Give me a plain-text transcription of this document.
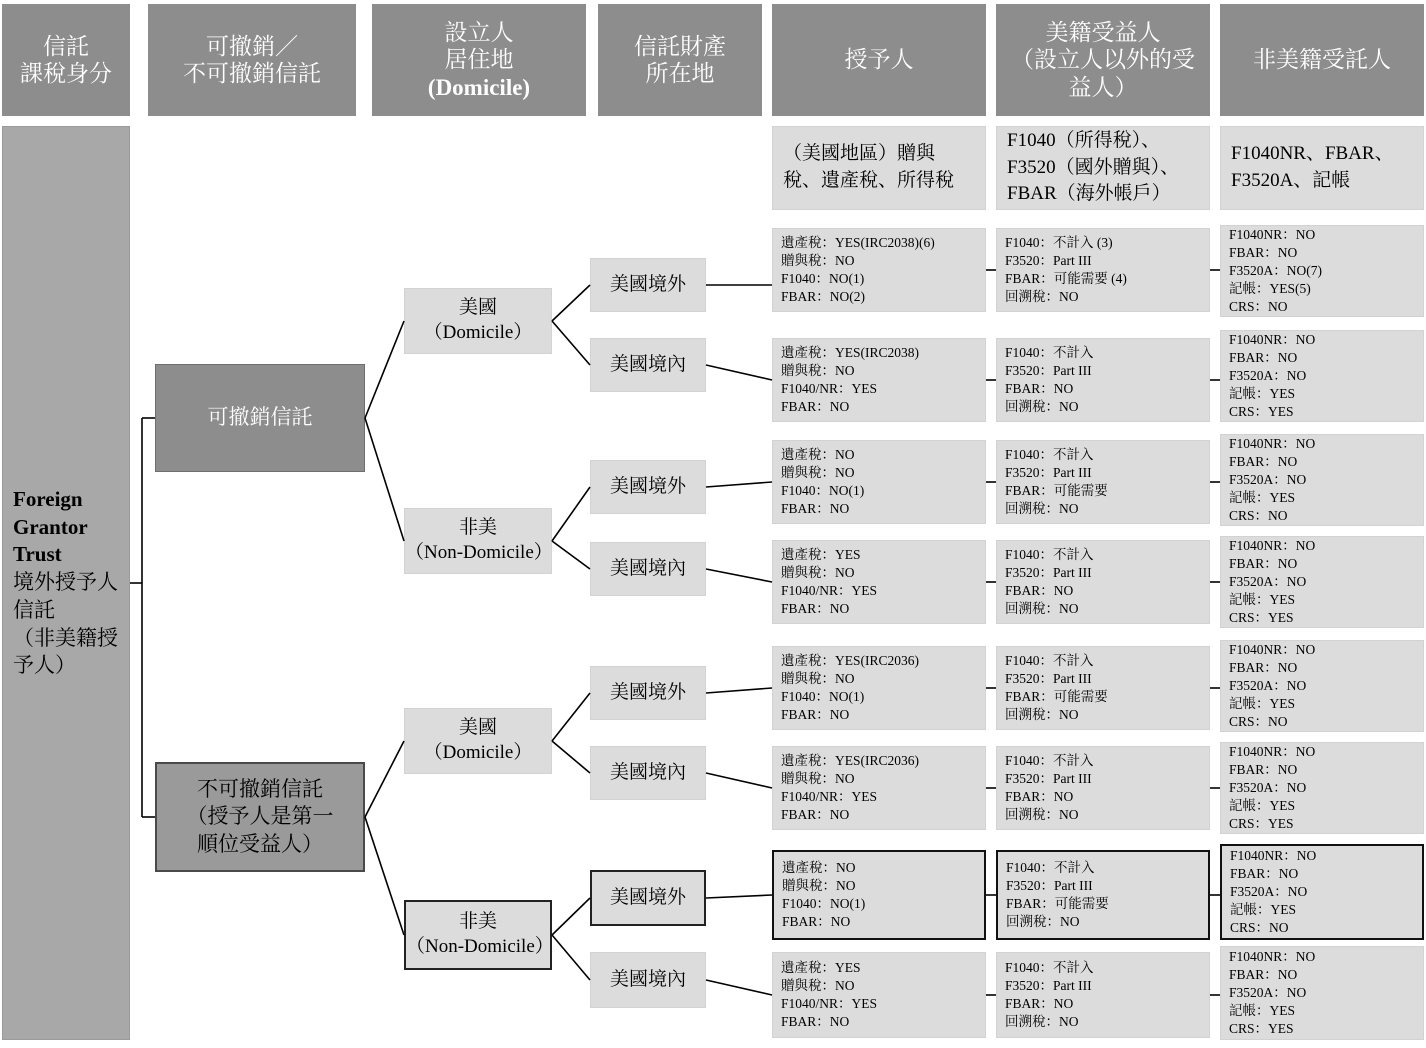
信託
課稅身分
可撤銷／
不可撤銷信託
設立人
居住地
(Domicile)
信託財產
所在地
授予人
美籍受益人
（設立人以外的受
益人）
非美籍受託人
（美國地區）贈與
稅、遺產稅、所得稅
F1040（所得稅）、
F3520（國外贈與）、
FBAR（海外帳戶）
F1040NR、FBAR、
F3520A、記帳
Foreign
Grantor
Trust
境外授予人
信託
（非美籍授
予人）
可撤銷信託
不可撤銷信託
（授予人是第一
順位受益人）
美國
（Domicile）
非美
（Non-Domicile）
美國
（Domicile）
非美
（Non-Domicile）
美國境外
美國境內
美國境外
美國境內
美國境外
美國境內
美國境外
美國境內
遺產稅：YES(IRC2038)(6)
贈與稅：NO
F1040：NO(1)
FBAR：NO(2)
F1040：不計入 (3)
F3520：Part III
FBAR：可能需要 (4)
回溯稅：NO
F1040NR：NO
FBAR：NO
F3520A：NO(7)
記帳：YES(5)
CRS：NO
遺產稅：YES(IRC2038)
贈與稅：NO
F1040/NR：YES
FBAR：NO
F1040：不計入
F3520：Part III
FBAR：NO
回溯稅：NO
F1040NR：NO
FBAR：NO
F3520A：NO
記帳：YES
CRS：YES
遺產稅：NO
贈與稅：NO
F1040：NO(1)
FBAR：NO
F1040：不計入
F3520：Part III
FBAR：可能需要
回溯稅：NO
F1040NR：NO
FBAR：NO
F3520A：NO
記帳：YES
CRS：NO
遺產稅：YES
贈與稅：NO
F1040/NR：YES
FBAR：NO
F1040：不計入
F3520：Part III
FBAR：NO
回溯稅：NO
F1040NR：NO
FBAR：NO
F3520A：NO
記帳：YES
CRS：YES
遺產稅：YES(IRC2036)
贈與稅：NO
F1040：NO(1)
FBAR：NO
F1040：不計入
F3520：Part III
FBAR：可能需要
回溯稅：NO
F1040NR：NO
FBAR：NO
F3520A：NO
記帳：YES
CRS：NO
遺產稅：YES(IRC2036)
贈與稅：NO
F1040/NR：YES
FBAR：NO
F1040：不計入
F3520：Part III
FBAR：NO
回溯稅：NO
F1040NR：NO
FBAR：NO
F3520A：NO
記帳：YES
CRS：YES
遺產稅：NO
贈與稅：NO
F1040：NO(1)
FBAR：NO
F1040：不計入
F3520：Part III
FBAR：可能需要
回溯稅：NO
F1040NR：NO
FBAR：NO
F3520A：NO
記帳：YES
CRS：NO
遺產稅：YES
贈與稅：NO
F1040/NR：YES
FBAR：NO
F1040：不計入
F3520：Part III
FBAR：NO
回溯稅：NO
F1040NR：NO
FBAR：NO
F3520A：NO
記帳：YES
CRS：YES
